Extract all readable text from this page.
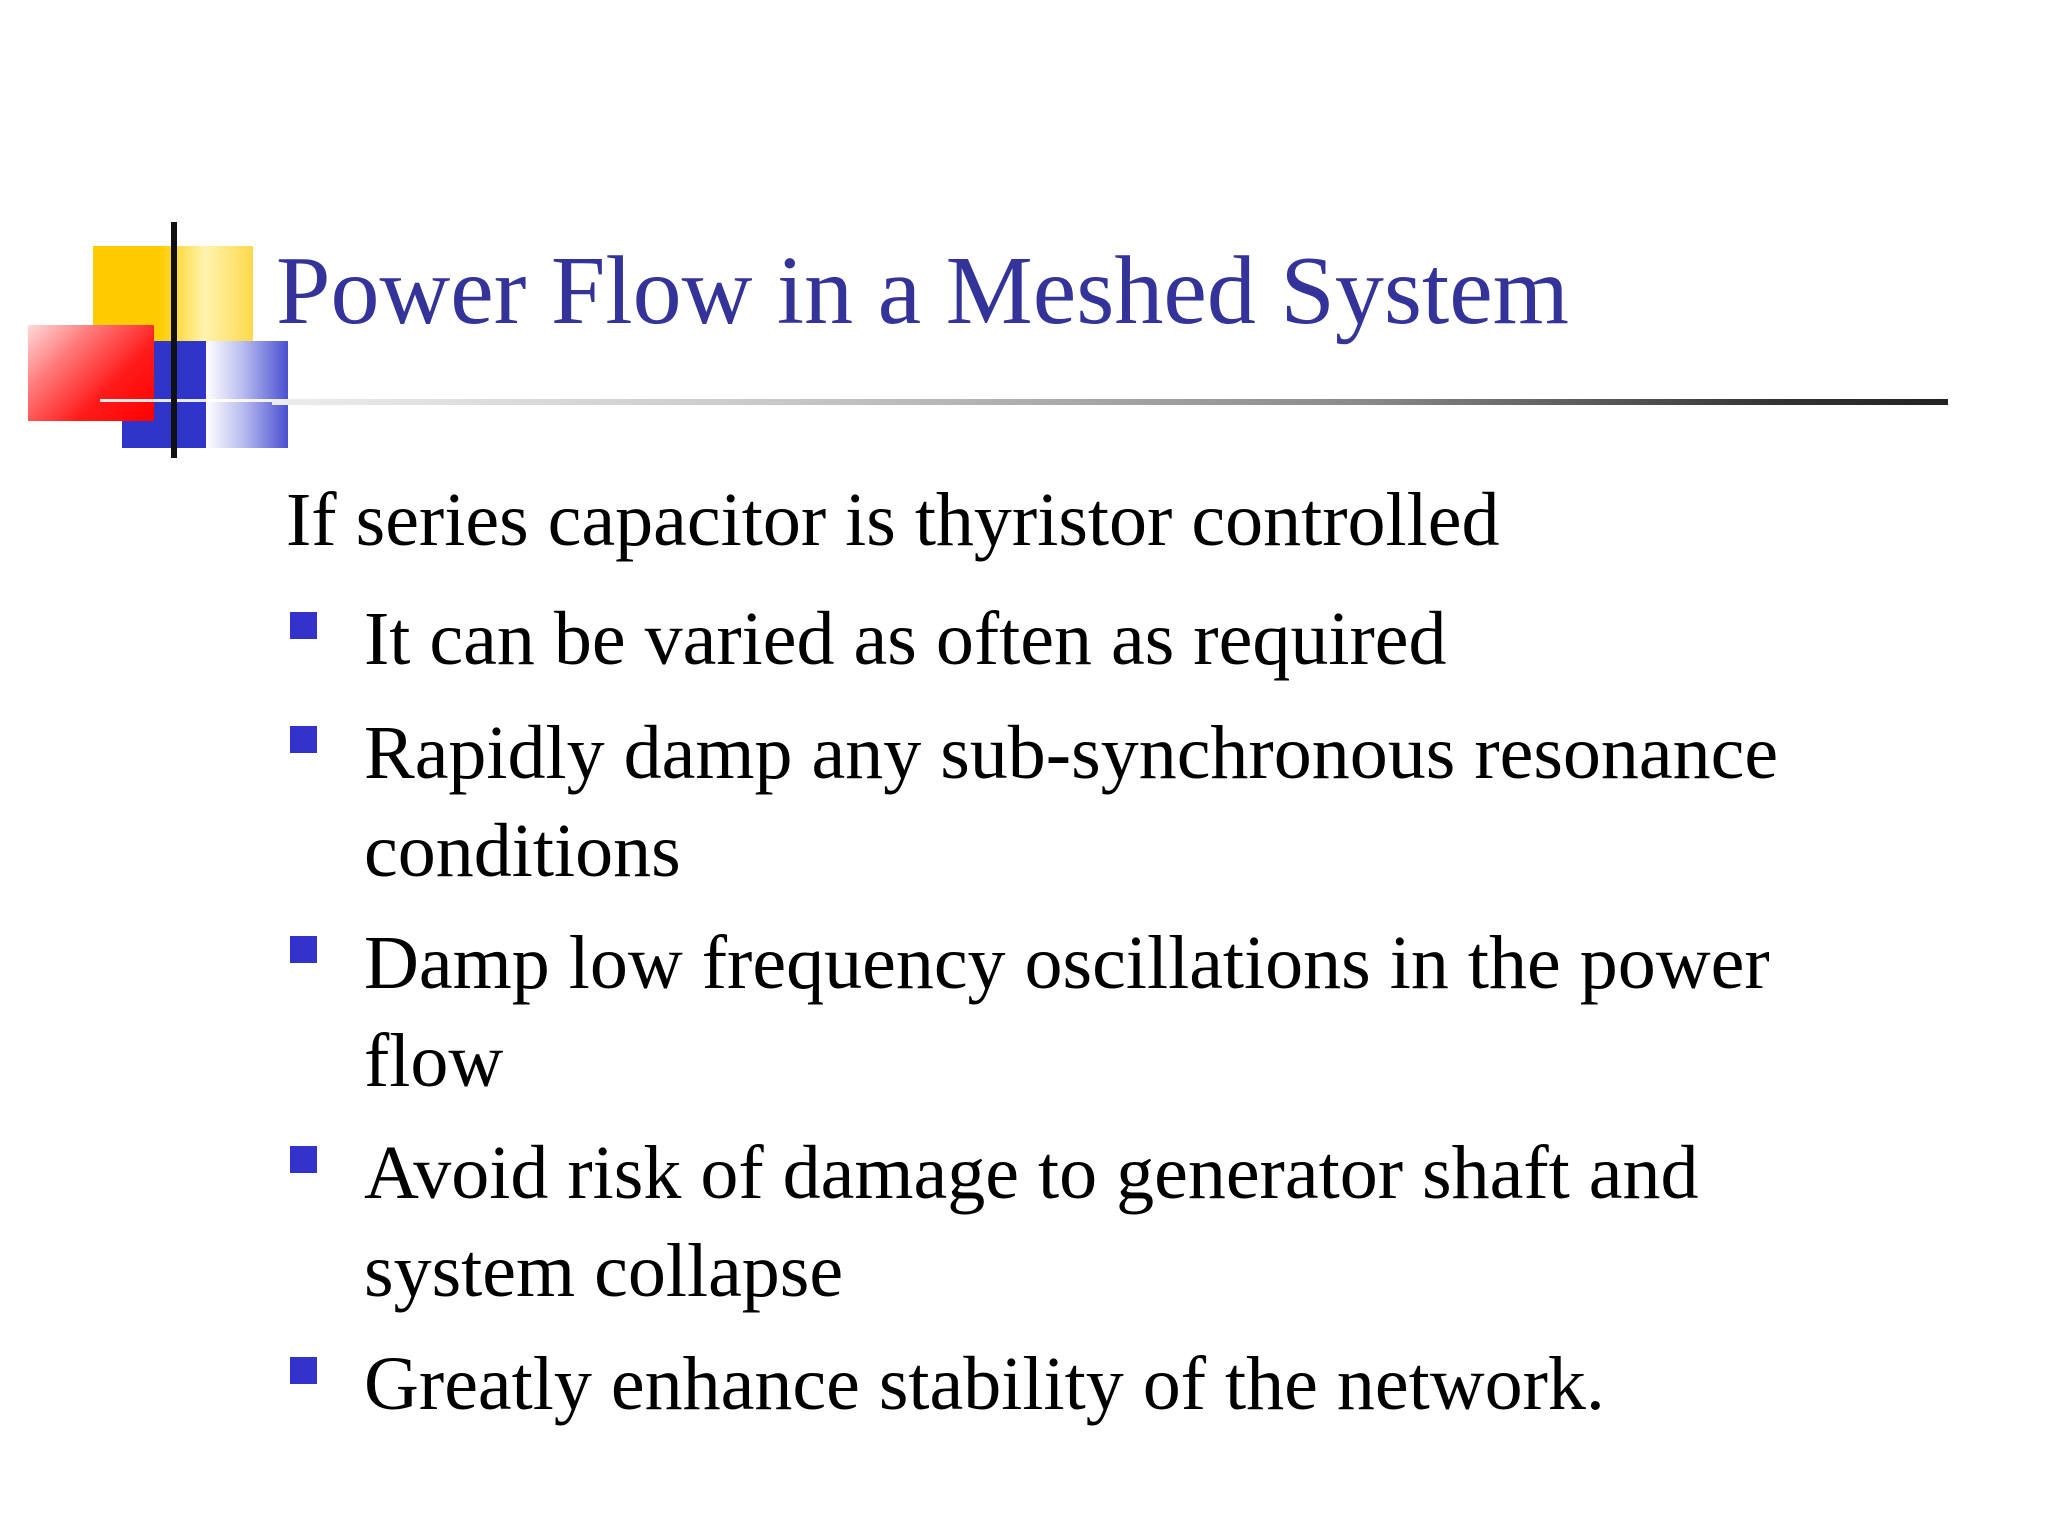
Power Flow in a Meshed System

If series capacitor is thyristor controlled

It can be varied as often as required
Rapidly damp any sub-synchronous resonance conditions
Damp low frequency oscillations in the power flow
Avoid risk of damage to generator shaft and system collapse
Greatly enhance stability of the network.
